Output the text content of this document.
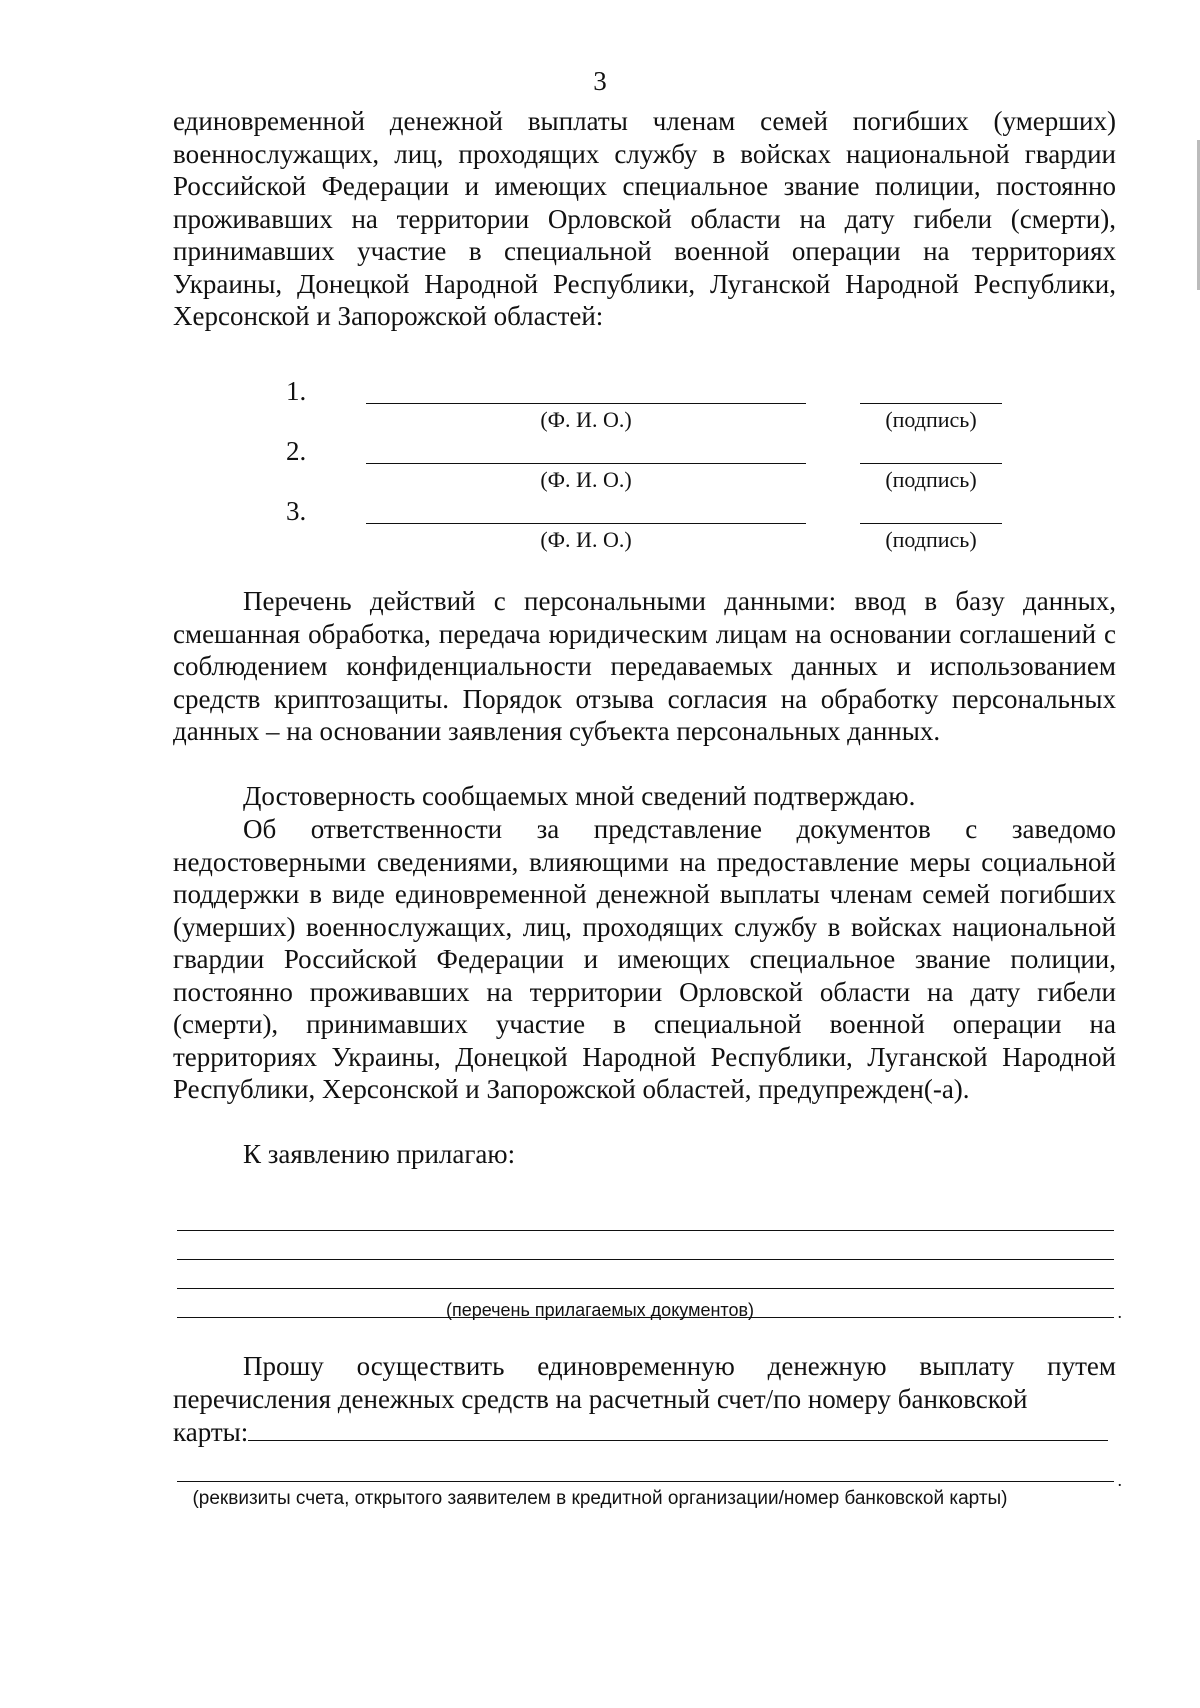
3

единовременной денежной выплаты членам семей погибших (умерших) военнослужащих, лиц, проходящих службу в войсках национальной гвардии Российской Федерации и имеющих специальное звание полиции, постоянно проживавших на территории Орловской области на дату гибели (смерти), принимавших участие в специальной военной операции на территориях Украины, Донецкой Народной Республики, Луганской Народной Республики, Херсонской и Запорожской областей:

1.
(Ф. И. О.)	(подпись)
2.
(Ф. И. О.)	(подпись)
3.
(Ф. И. О.)	(подпись)

Перечень действий с персональными данными: ввод в базу данных, смешанная обработка, передача юридическим лицам на основании соглашений с соблюдением конфиденциальности передаваемых данных и использованием средств криптозащиты. Порядок отзыва согласия на обработку персональных данных – на основании заявления субъекта персональных данных.

Достоверность сообщаемых мной сведений подтверждаю.

Об ответственности за представление документов с заведомо недостоверными сведениями, влияющими на предоставление меры социальной поддержки в виде единовременной денежной выплаты членам семей погибших (умерших) военнослужащих, лиц, проходящих службу в войсках национальной гвардии Российской Федерации и имеющих специальное звание полиции, постоянно проживавших на территории Орловской области на дату гибели (смерти), принимавших участие в специальной военной операции на территориях Украины, Донецкой Народной Республики, Луганской Народной Республики, Херсонской и Запорожской областей, предупрежден(-а).

К заявлению прилагаю:

.
(перечень прилагаемых документов)

Прошу осуществить единовременную денежную выплату путем перечисления денежных средств на расчетный счет/по номеру банковской

карты:

.
(реквизиты счета, открытого заявителем в кредитной организации/номер банковской карты)
